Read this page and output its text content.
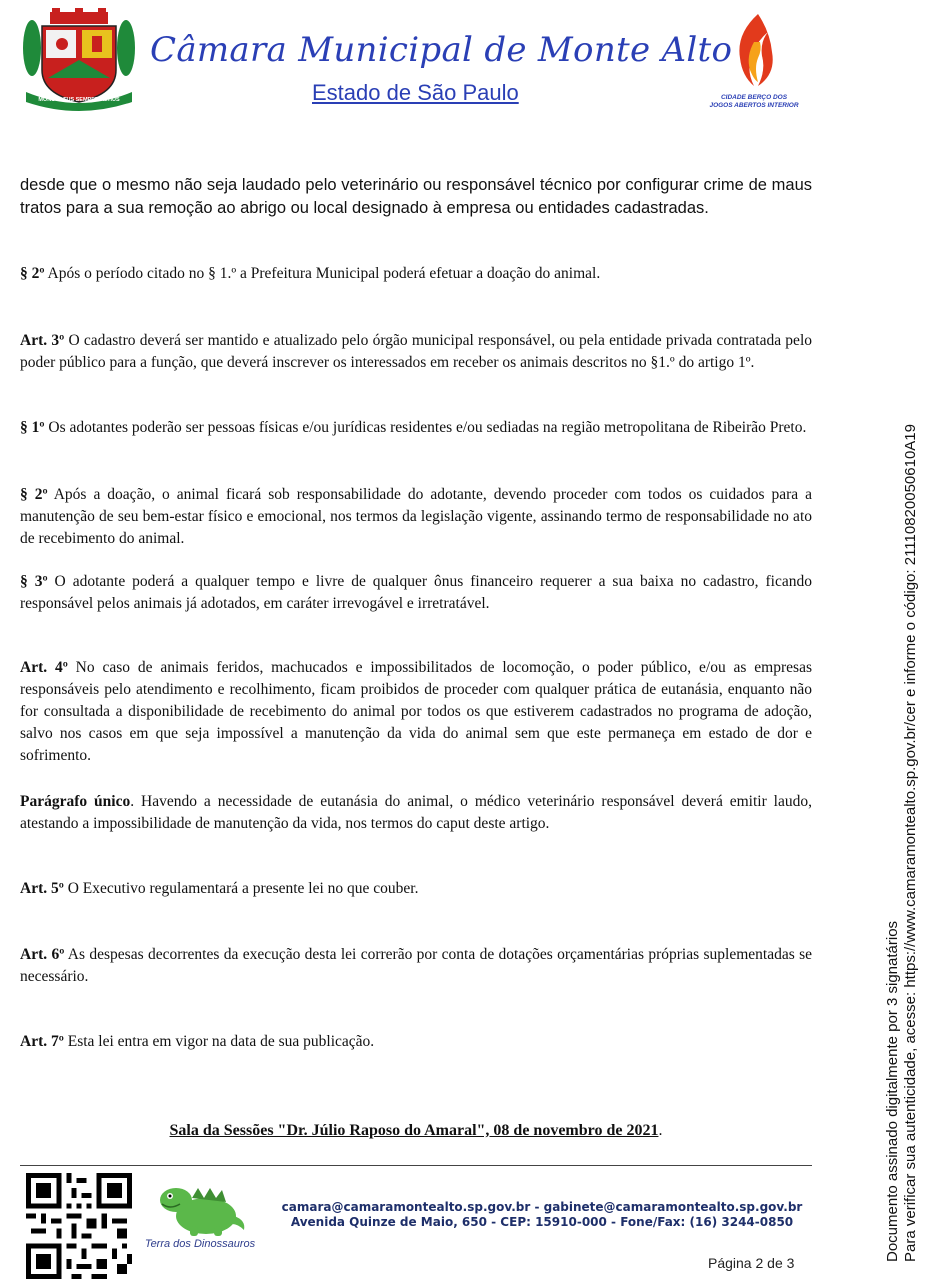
MONS ALTUS SEMPER ALTIUS
Câmara Municipal de Monte Alto
Estado de São Paulo	CIDADE BERÇO DOS
JOGOS ABERTOS INTERIOR

desde que o mesmo não seja laudado pelo veterinário ou responsável técnico por configurar crime de maus tratos para a sua remoção ao abrigo ou local designado à empresa ou entidades cadastradas.

§ 2º Após o período citado no § 1.º a Prefeitura Municipal poderá efetuar a doação do animal.

Art. 3º O cadastro deverá ser mantido e atualizado pelo órgão municipal responsável, ou pela entidade privada contratada pelo poder público para a função, que deverá inscrever os interessados em receber os animais descritos no §1.º do artigo 1º.

§ 1º Os adotantes poderão ser pessoas físicas e/ou jurídicas residentes e/ou sediadas na região metropolitana de Ribeirão Preto.

§ 2º Após a doação, o animal ficará sob responsabilidade do adotante, devendo proceder com todos os cuidados para a manutenção de seu bem-estar físico e emocional, nos termos da legislação vigente, assinando termo de responsabilidade no ato de recebimento do animal.

§ 3º O adotante poderá a qualquer tempo e livre de qualquer ônus financeiro requerer a sua baixa no cadastro, ficando responsável pelos animais já adotados, em caráter irrevogável e irretratável.

Art. 4º No caso de animais feridos, machucados e impossibilitados de locomoção, o poder público, e/ou as empresas responsáveis pelo atendimento e recolhimento, ficam proibidos de proceder com qualquer prática de eutanásia, enquanto não for consultada a disponibilidade de recebimento do animal por todos os que estiverem cadastrados no programa de adoção, salvo nos casos em que seja impossível a manutenção da vida do animal sem que este permaneça em estado de dor e sofrimento.

Parágrafo único. Havendo a necessidade de eutanásia do animal, o médico veterinário responsável deverá emitir laudo, atestando a impossibilidade de manutenção da vida, nos termos do caput deste artigo.

Art. 5º O Executivo regulamentará a presente lei no que couber.

Art. 6º As despesas decorrentes da execução desta lei correrão por conta de dotações orçamentárias próprias suplementadas se necessário.

Art. 7º Esta lei entra em vigor na data de sua publicação.

Sala da Sessões "Dr. Júlio Raposo do Amaral", 08 de novembro de 2021.
Terra dos Dinossauros
camara@camaramontealto.sp.gov.br - gabinete@camaramontealto.sp.gov.br
Avenida Quinze de Maio, 650 - CEP: 15910-000 - Fone/Fax: (16) 3244-0850
Página 2 de 3
Documento assinado digitalmente por 3 signatários Para verificar sua autenticidade, acesse: https://www.camaramontealto.sp.gov.br/cer e informe o código: 2111082005061​0A19
